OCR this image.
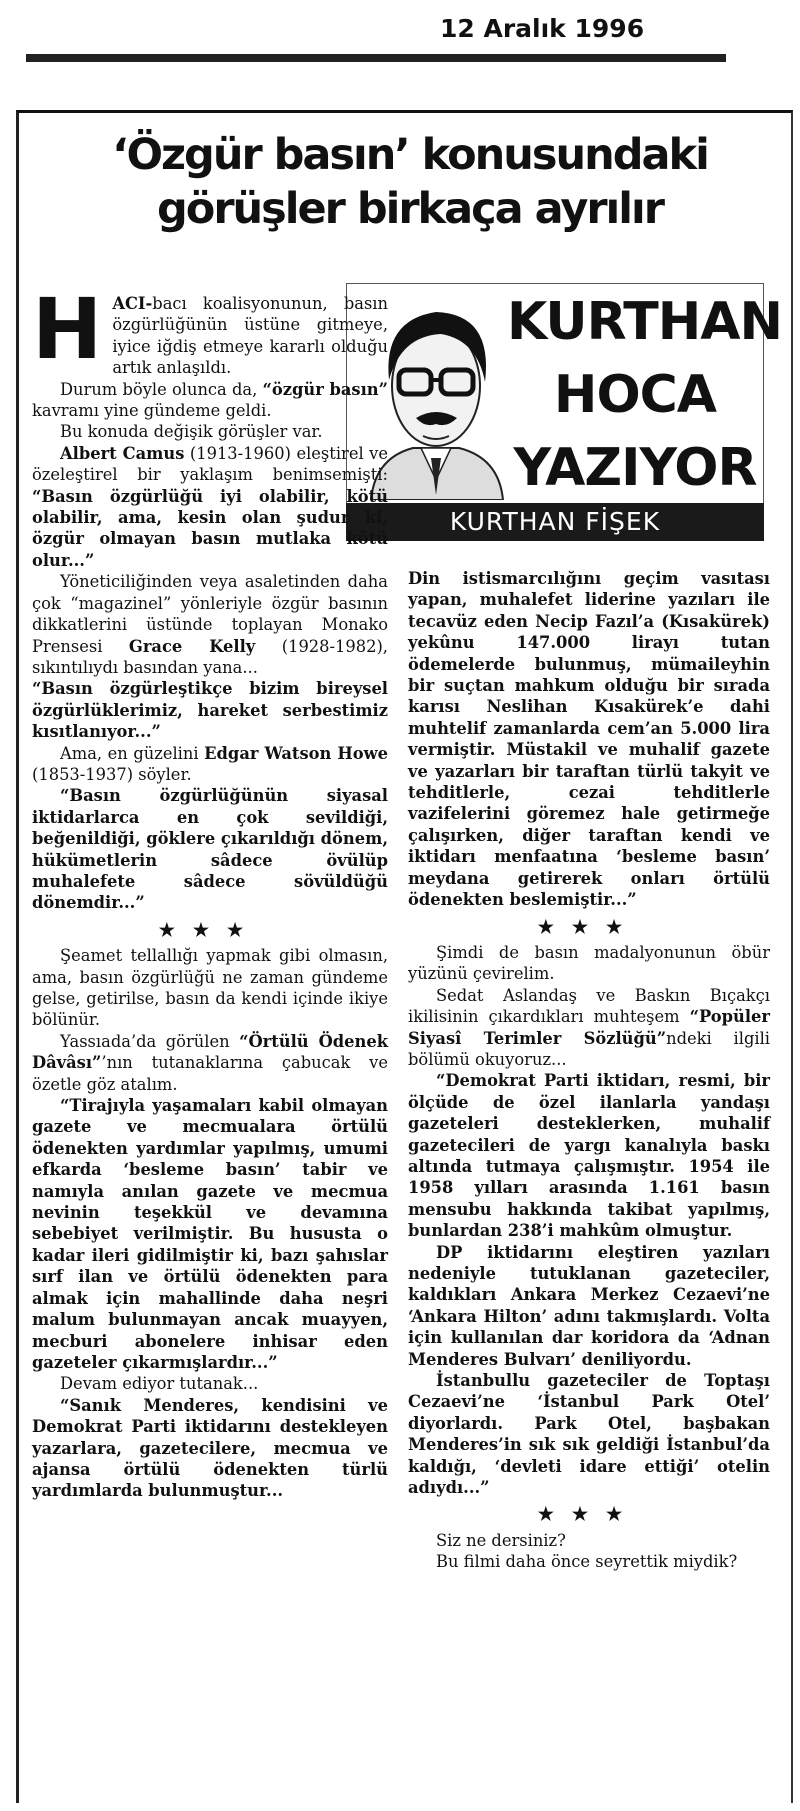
12 Aralık 1996
‘Özgür basın’ konusundaki görüşler birkaça ayrılır
KURTHAN
HOCA
YAZIYOR
KURTHAN FİŞEK

HACI-bacı koalisyonunun, basın özgürlüğünün üstüne gitmeye, iyice iğdiş etmeye kararlı olduğu artık anlaşıldı.

Durum böyle olunca da, “özgür basın” kavramı yine gündeme geldi.

Bu konuda değişik görüşler var.

Albert Camus (1913-1960) eleştirel ve özeleştirel bir yaklaşım benimsemişti: “Basın özgürlüğü iyi olabilir, kötü olabilir, ama, kesin olan şudur ki, özgür olmayan basın mutlaka kötü olur...”

Yöneticiliğinden veya asaletinden daha çok “magazinel” yönleriyle özgür basının dikkatlerini üstünde toplayan Monako Prensesi Grace Kelly (1928-1982), sıkıntılıydı basından yana...

“Basın özgürleştikçe bizim bireysel özgürlüklerimiz, hareket serbestimiz kısıtlanıyor...”

Ama, en güzelini Edgar Watson Howe (1853-1937) söyler.

“Basın özgürlüğünün siyasal iktidarlarca en çok sevildiği, beğenildiği, göklere çıkarıldığı dönem, hükümetlerin sâdece övülüp muhalefete sâdece sövüldüğü dönemdir...”

★★★

Şeamet tellallığı yapmak gibi olmasın, ama, basın özgürlüğü ne zaman gündeme gelse, getirilse, basın da kendi içinde ikiye bölünür.

Yassıada’da görülen “Örtülü Ödenek Dâvâsı”’nın tutanaklarına çabucak ve özetle göz atalım.

“Tirajıyla yaşamaları kabil olmayan gazete ve mecmualara örtülü ödenekten yardımlar yapılmış, umumi efkarda ‘besleme basın’ tabir ve namıyla anılan gazete ve mecmua nevinin teşekkül ve devamına sebebiyet verilmiştir. Bu hususta o kadar ileri gidilmiştir ki, bazı şahıslar sırf ilan ve örtülü ödenekten para almak için mahallinde daha neşri malum bulunmayan ancak muayyen, mecburi abonelere inhisar eden gazeteler çıkarmışlardır...”

Devam ediyor tutanak...

“Sanık Menderes, kendisini ve Demokrat Parti iktidarını destekleyen yazarlara, gazetecilere, mecmua ve ajansa örtülü ödenekten türlü yardımlarda bulunmuştur...

Din istismarcılığını geçim vasıtası yapan, muhalefet liderine yazıları ile tecavüz eden Necip Fazıl’a (Kısakürek) yekûnu 147.000 lirayı tutan ödemelerde bulunmuş, mümaileyhin bir suçtan mahkum olduğu bir sırada karısı Neslihan Kısakürek’e dahi muhtelif zamanlarda cem’an 5.000 lira vermiştir. Müstakil ve muhalif gazete ve yazarları bir taraftan türlü takyit ve tehditlerle, cezai tehditlerle vazifelerini göremez hale getirmeğe çalışırken, diğer taraftan kendi ve iktidarı menfaatına ‘besleme basın’ meydana getirerek onları örtülü ödenekten beslemiştir...”

★★★

Şimdi de basın madalyonunun öbür yüzünü çevirelim.

Sedat Aslandaş ve Baskın Bıçakçı ikilisinin çıkardıkları muhteşem “Popüler Siyasî Terimler Sözlüğü”ndeki ilgili bölümü okuyoruz...

“Demokrat Parti iktidarı, resmi, bir ölçüde de özel ilanlarla yandaşı gazeteleri desteklerken, muhalif gazetecileri de yargı kanalıyla baskı altında tutmaya çalışmıştır. 1954 ile 1958 yılları arasında 1.161 basın mensubu hakkında takibat yapılmış, bunlardan 238’i mahkûm olmuştur.

DP iktidarını eleştiren yazıları nedeniyle tutuklanan gazeteciler, kaldıkları Ankara Merkez Cezaevi’ne ‘Ankara Hilton’ adını takmışlardı. Volta için kullanılan dar koridora da ‘Adnan Menderes Bulvarı’ deniliyordu.

İstanbullu gazeteciler de Toptaşı Cezaevi’ne ‘İstanbul Park Otel’ diyorlardı. Park Otel, başbakan Menderes’in sık sık geldiği İstanbul’da kaldığı, ‘devleti idare ettiği’ otelin adıydı...”

★★★

Siz ne dersiniz?

Bu filmi daha önce seyrettik miydik?
